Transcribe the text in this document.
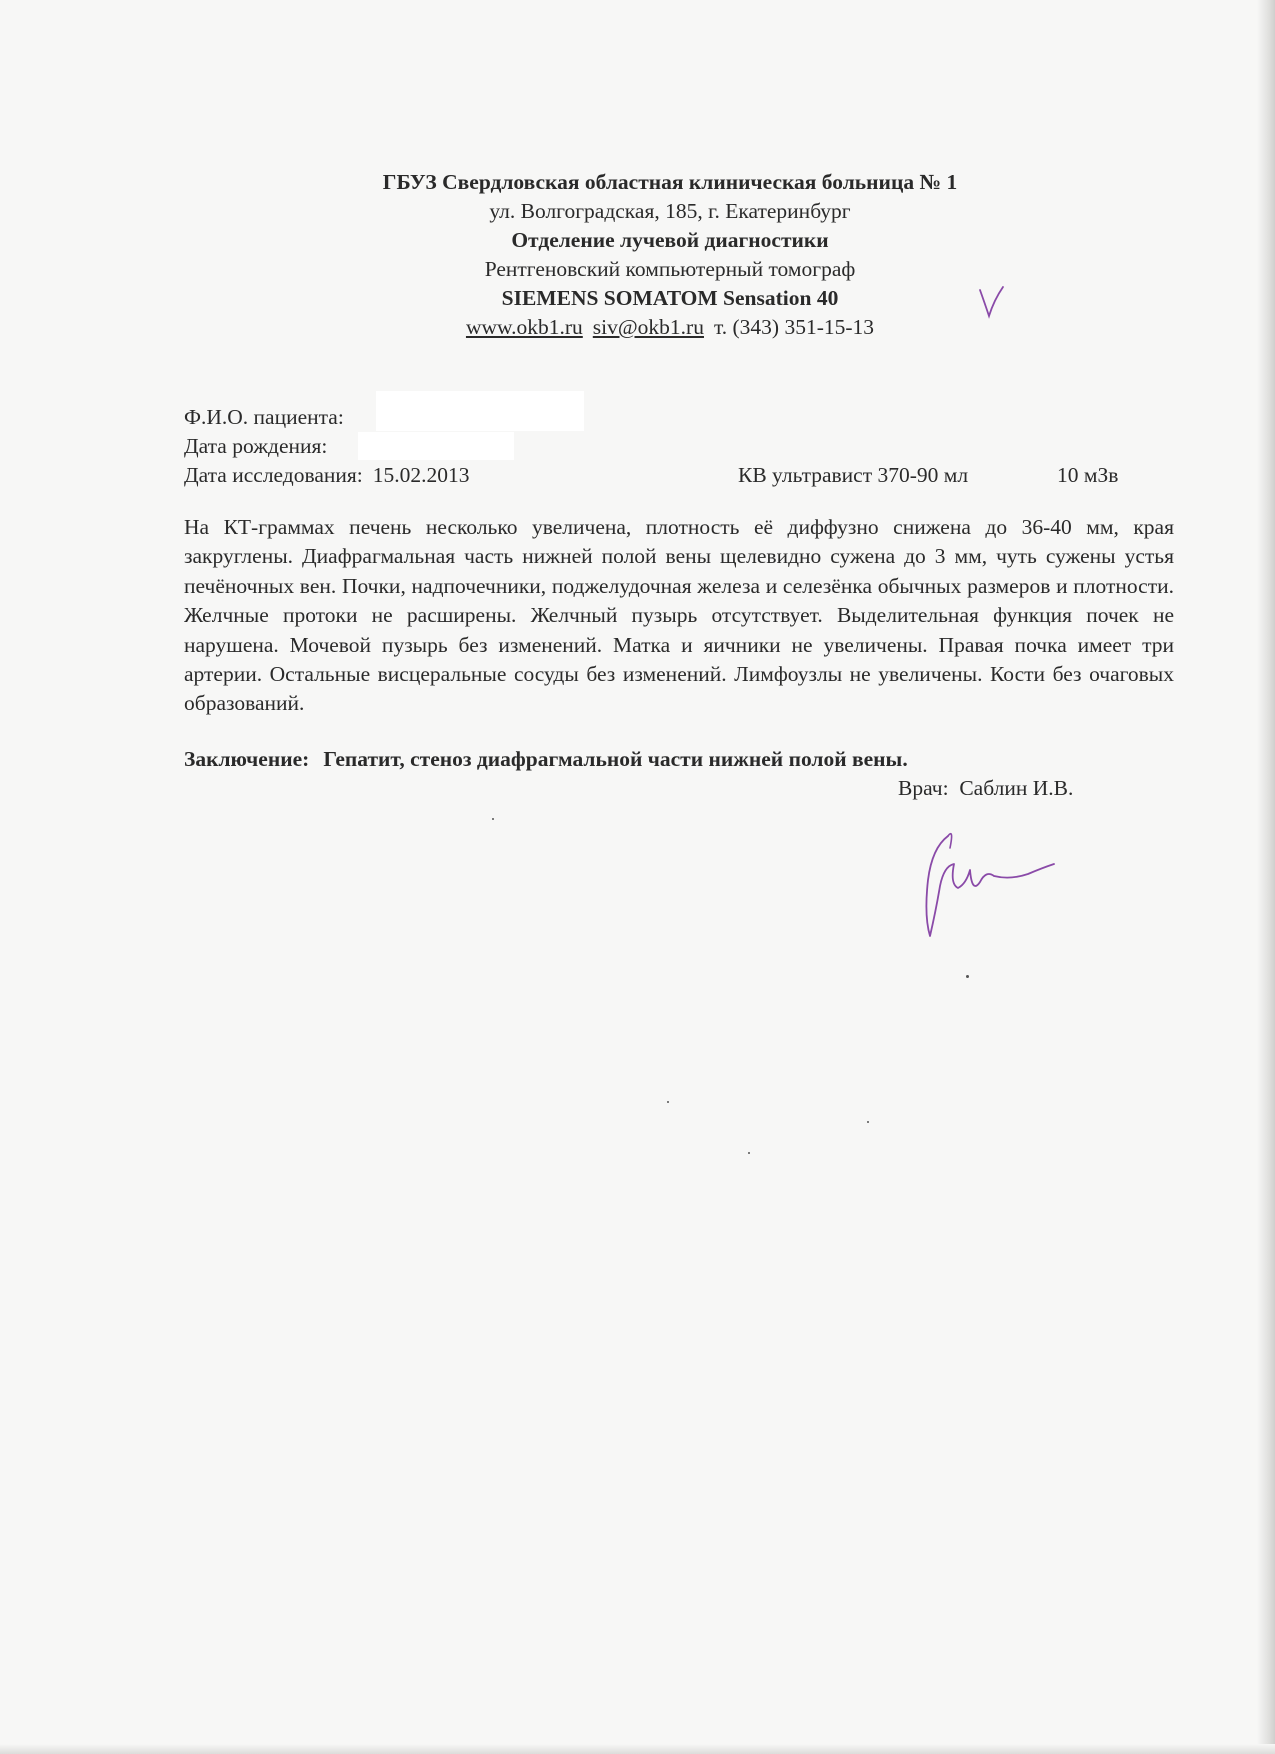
ГБУЗ Свердловская областная клиническая больница № 1
ул. Волгоградская, 185, г. Екатеринбург
Отделение лучевой диагностики
Рентгеновский компьютерный томограф
SIEMENS SOMATOM Sensation 40
www.okb1.ru siv@okb1.ru т. (343) 351-15-13
Ф.И.О. пациента:
Дата рождения:
Дата исследования: 15.02.2013	КВ ультравист 370-90 мл	10 мЗв
На КТ-граммах печень несколько увеличена, плотность её диффузно снижена до 36-40 мм, края закруглены. Диафрагмальная часть нижней полой вены щелевидно сужена до 3 мм, чуть сужены устья печёночных вен. Почки, надпочечники, поджелудочная железа и селезёнка обычных размеров и плотности. Желчные протоки не расширены. Желчный пузырь отсутствует. Выделительная функция почек не нарушена. Мочевой пузырь без изменений. Матка и яичники не увеличены. Правая почка имеет три артерии. Остальные висцеральные сосуды без изменений. Лимфоузлы не увеличены. Кости без очаговых образований.
Заключение: Гепатит, стеноз диафрагмальной части нижней полой вены.
Врач: Саблин И.В.
